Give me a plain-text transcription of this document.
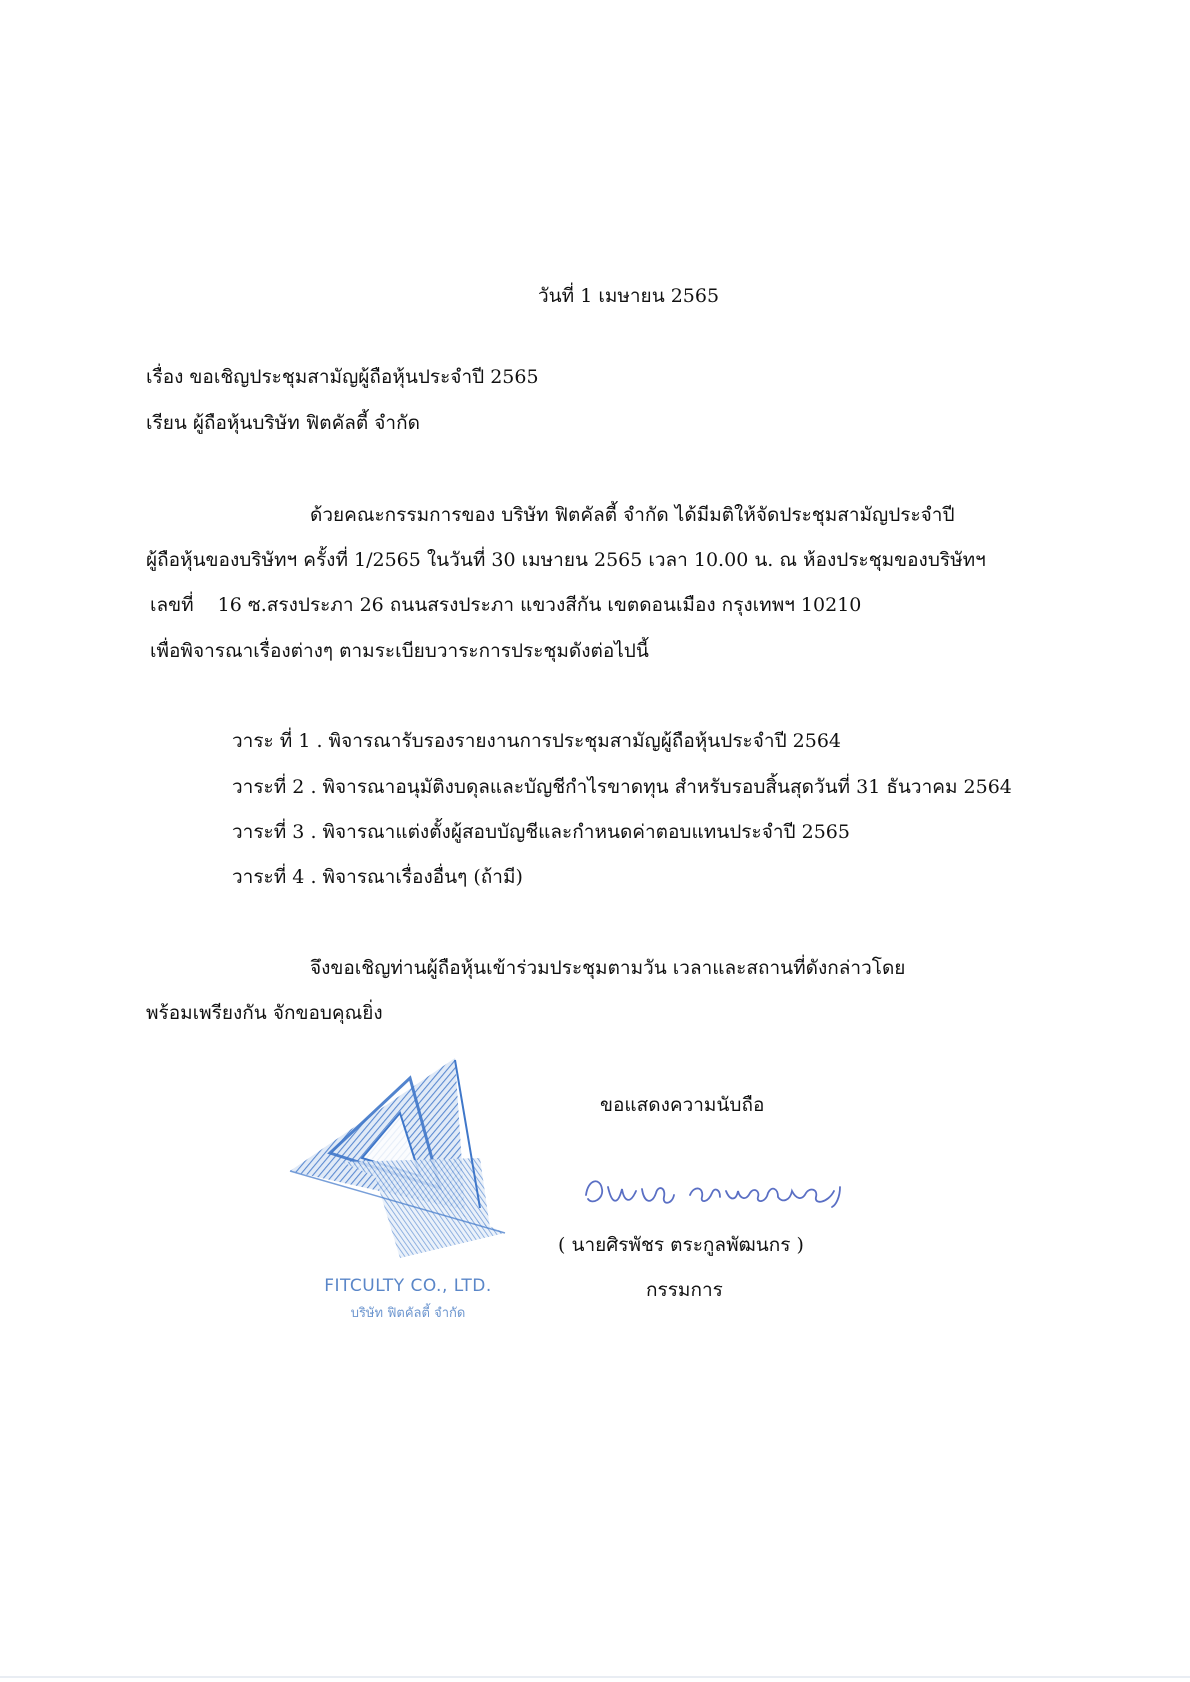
วันที่ 1 เมษายน 2565
เรื่อง ขอเชิญประชุมสามัญผู้ถือหุ้นประจำปี 2565
เรียน ผู้ถือหุ้นบริษัท ฟิตคัลตี้ จำกัด
ด้วยคณะกรรมการของ บริษัท ฟิตคัลตี้ จำกัด ได้มีมติให้จัดประชุมสามัญประจำปี
ผู้ถือหุ้นของบริษัทฯ ครั้งที่ 1/2565 ในวันที่ 30 เมษายน 2565 เวลา 10.00 น. ณ ห้องประชุมของบริษัทฯ
เลขที่ 16 ซ.สรงประภา 26 ถนนสรงประภา แขวงสีกัน เขตดอนเมือง กรุงเทพฯ 10210
เพื่อพิจารณาเรื่องต่างๆ ตามระเบียบวาระการประชุมดังต่อไปนี้
วาระ ที่ 1 . พิจารณารับรองรายงานการประชุมสามัญผู้ถือหุ้นประจำปี 2564
วาระที่ 2 . พิจารณาอนุมัติงบดุลและบัญชีกำไรขาดทุน สำหรับรอบสิ้นสุดวันที่ 31 ธันวาคม 2564
วาระที่ 3 . พิจารณาแต่งตั้งผู้สอบบัญชีและกำหนดค่าตอบแทนประจำปี 2565
วาระที่ 4 . พิจารณาเรื่องอื่นๆ (ถ้ามี)
จึงขอเชิญท่านผู้ถือหุ้นเข้าร่วมประชุมตามวัน เวลาและสถานที่ดังกล่าวโดย
พร้อมเพรียงกัน จักขอบคุณยิ่ง
FITCULTY CO., LTD.
บริษัท ฟิตคัลตี้ จำกัด
ขอแสดงความนับถือ
( นายศิรพัชร ตระกูลพัฒนกร )
กรรมการ
